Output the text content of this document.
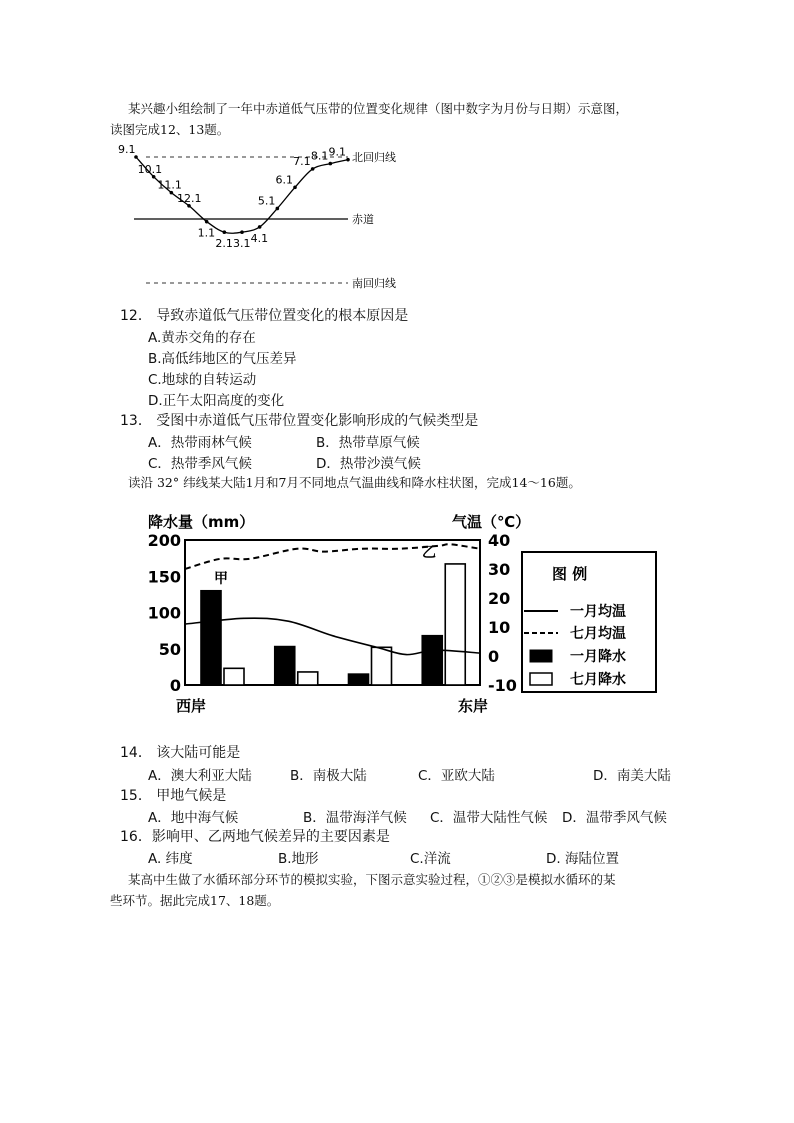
某兴趣小组绘制了一年中赤道低气压带的位置变化规律（图中数字为月份与日期）示意图，
读图完成12、13题。
北回归线
赤道
南回归线
9.1
10.1
11.1
12.1
1.1
2.1 3.1 4.1
5.1
6.1
7.1 8.1 9.1
12． 导致赤道低气压带位置变化的根本原因是
A.黄赤交角的存在
B.高低纬地区的气压差异
C.地球的自转运动
D.正午太阳高度的变化
13． 受图中赤道低气压带位置变化影响形成的气候类型是
A．热带雨林气候	B．热带草原气候
C．热带季风气候	D．热带沙漠气候
读沿 32° 纬线某大陆1月和7月不同地点气温曲线和降水柱状图，完成14～16题。
降水量（mm）	气温（℃）
200
150
100
50
0
40
30
20
10
0
-10
甲
乙
西岸	东岸
图 例
一月均温
七月均温
一月降水
七月降水
14． 该大陆可能是
A．澳大利亚大陆	B．南极大陆	C．亚欧大陆	D．南美大陆
15． 甲地气候是
A．地中海气候	B．温带海洋气候 C．温带大陆性气候 D．温带季风气候
16．影响甲、乙两地气候差异的主要因素是
A. 纬度	B.地形	C.洋流	D. 海陆位置
某高中生做了水循环部分环节的模拟实验，下图示意实验过程，①②③是模拟水循环的某
些环节。据此完成17、18题。
